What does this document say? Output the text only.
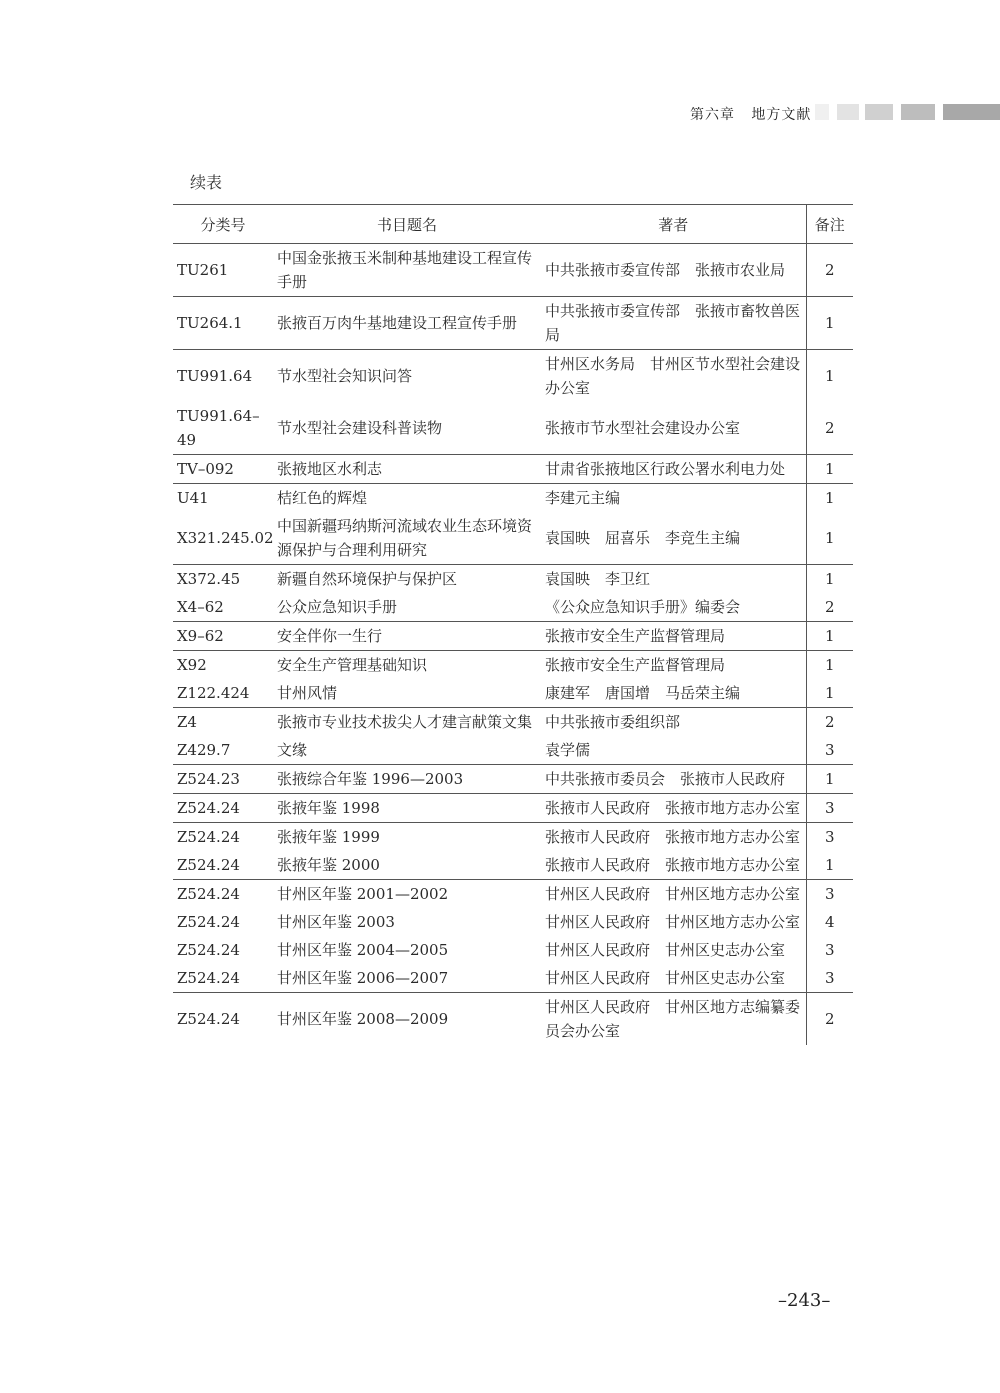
第六章 地方文献
续表
分类号	书目题名	著者	备注
TU261	中国金张掖玉米制种基地建设工程宣传手册	中共张掖市委宣传部　张掖市农业局	2
TU264.1	张掖百万肉牛基地建设工程宣传手册	中共张掖市委宣传部　张掖市畜牧兽医局	1
TU991.64	节水型社会知识问答	甘州区水务局　甘州区节水型社会建设办公室	1
TU991.64–49	节水型社会建设科普读物	张掖市节水型社会建设办公室	2
TV–092	张掖地区水利志	甘肃省张掖地区行政公署水利电力处	1
U41	桔红色的辉煌	李建元主编	1
X321.245.02	中国新疆玛纳斯河流域农业生态环境资源保护与合理利用研究	袁国映　屈喜乐　李竞生主编	1
X372.45	新疆自然环境保护与保护区	袁国映　李卫红	1
X4–62	公众应急知识手册	《公众应急知识手册》编委会	2
X9–62	安全伴你一生行	张掖市安全生产监督管理局	1
X92	安全生产管理基础知识	张掖市安全生产监督管理局	1
Z122.424	甘州风情	康建军　唐国增　马岳荣主编	1
Z4	张掖市专业技术拔尖人才建言献策文集	中共张掖市委组织部	2
Z429.7	文缘	袁学儒	3
Z524.23	张掖综合年鉴 1996—2003	中共张掖市委员会　张掖市人民政府	1
Z524.24	张掖年鉴 1998	张掖市人民政府　张掖市地方志办公室	3
Z524.24	张掖年鉴 1999	张掖市人民政府　张掖市地方志办公室	3
Z524.24	张掖年鉴 2000	张掖市人民政府　张掖市地方志办公室	1
Z524.24	甘州区年鉴 2001—2002	甘州区人民政府　甘州区地方志办公室	3
Z524.24	甘州区年鉴 2003	甘州区人民政府　甘州区地方志办公室	4
Z524.24	甘州区年鉴 2004—2005	甘州区人民政府　甘州区史志办公室	3
Z524.24	甘州区年鉴 2006—2007	甘州区人民政府　甘州区史志办公室	3
Z524.24	甘州区年鉴 2008—2009	甘州区人民政府　甘州区地方志编纂委员会办公室	2
–243–
